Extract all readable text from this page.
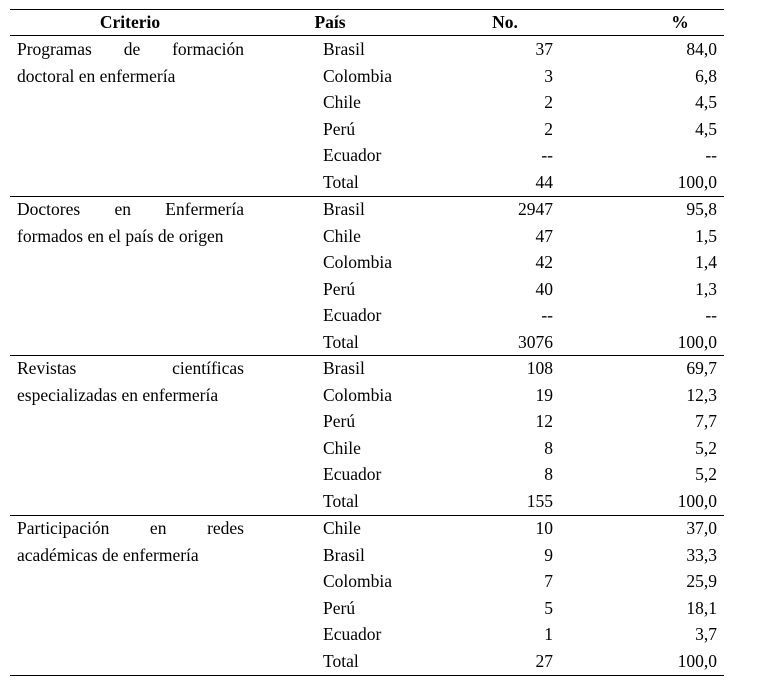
Criterio	País	No.	%
Programas de formación doctoral en enfermería
Brasil	37	84,0
Colombia	3	6,8
Chile	2	4,5
Perú	2	4,5
Ecuador	--	--
Total	44	100,0
Doctores en Enfermería formados en el país de origen
Brasil	2947	95,8
Chile	47	1,5
Colombia	42	1,4
Perú	40	1,3
Ecuador	--	--
Total	3076	100,0
Revistas científicas especializadas en enfermería
Brasil	108	69,7
Colombia	19	12,3
Perú	12	7,7
Chile	8	5,2
Ecuador	8	5,2
Total	155	100,0
Participación en redes académicas de enfermería
Chile	10	37,0
Brasil	9	33,3
Colombia	7	25,9
Perú	5	18,1
Ecuador	1	3,7
Total	27	100,0
